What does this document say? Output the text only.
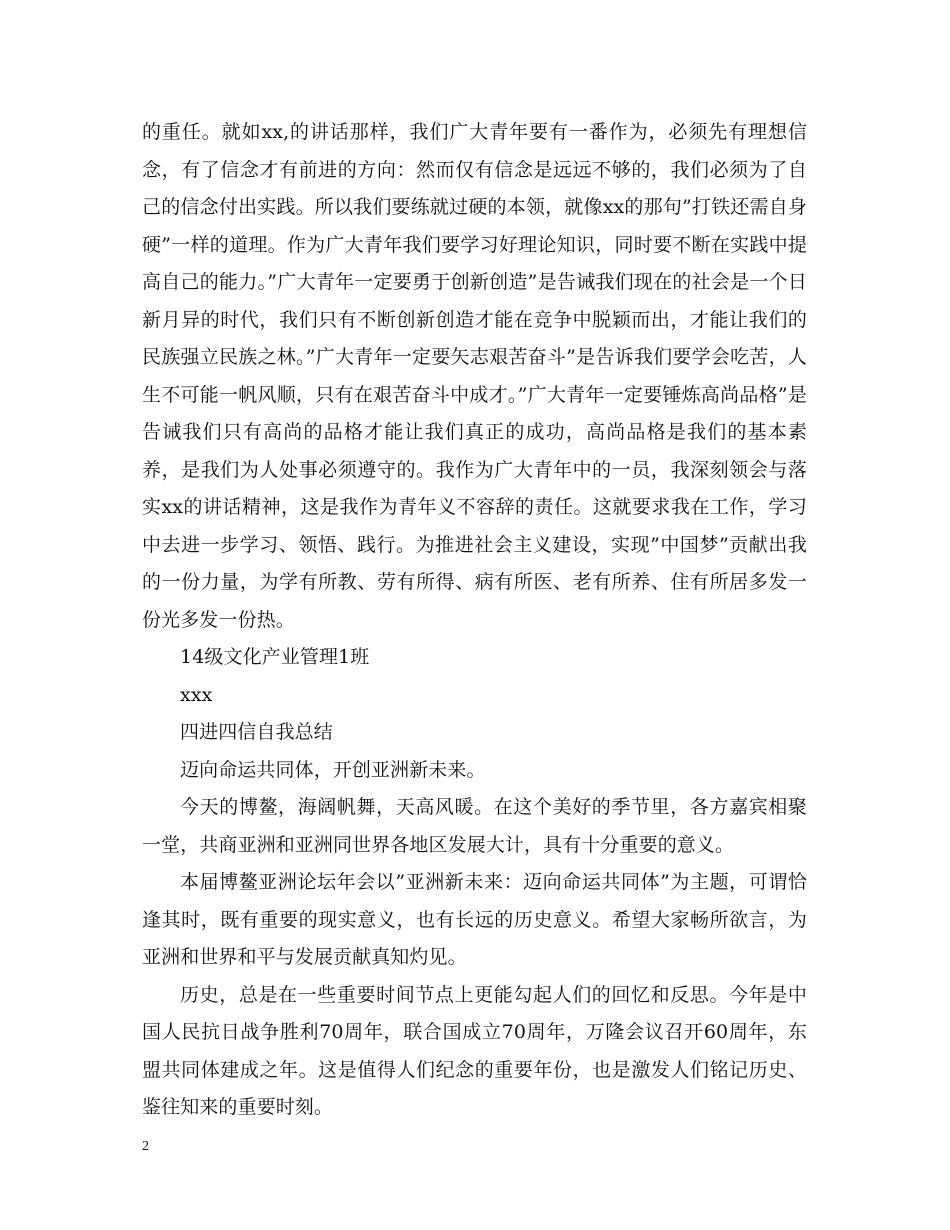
的重任。就如xx,的讲话那样，我们广大青年要有一番作为，必须先有理想信念，有了信念才有前进的方向：然而仅有信念是远远不够的，我们必须为了自己的信念付出实践。所以我们要练就过硬的本领，就像xx的那句”打铁还需自身硬”一样的道理。作为广大青年我们要学习好理论知识，同时要不断在实践中提高自己的能力。”广大青年一定要勇于创新创造”是告诫我们现在的社会是一个日新月异的时代，我们只有不断创新创造才能在竞争中脱颖而出，才能让我们的民族强立民族之林。”广大青年一定要矢志艰苦奋斗”是告诉我们要学会吃苦，人生不可能一帆风顺，只有在艰苦奋斗中成才。”广大青年一定要锤炼高尚品格”是告诫我们只有高尚的品格才能让我们真正的成功，高尚品格是我们的基本素养，是我们为人处事必须遵守的。我作为广大青年中的一员，我深刻领会与落实xx的讲话精神，这是我作为青年义不容辞的责任。这就要求我在工作，学习中去进一步学习、领悟、践行。为推进社会主义建设，实现”中国梦”贡献出我的一份力量，为学有所教、劳有所得、病有所医、老有所养、住有所居多发一份光多发一份热。

14级文化产业管理1班

xxx

四进四信自我总结

迈向命运共同体，开创亚洲新未来。

今天的博鳌，海阔帆舞，天高风暖。在这个美好的季节里，各方嘉宾相聚一堂，共商亚洲和亚洲同世界各地区发展大计，具有十分重要的意义。

本届博鳌亚洲论坛年会以”亚洲新未来：迈向命运共同体”为主题，可谓恰逢其时，既有重要的现实意义，也有长远的历史意义。希望大家畅所欲言，为亚洲和世界和平与发展贡献真知灼见。

历史，总是在一些重要时间节点上更能勾起人们的回忆和反思。今年是中国人民抗日战争胜利70周年，联合国成立70周年，万隆会议召开60周年，东盟共同体建成之年。这是值得人们纪念的重要年份，也是激发人们铭记历史、鉴往知来的重要时刻。

2
